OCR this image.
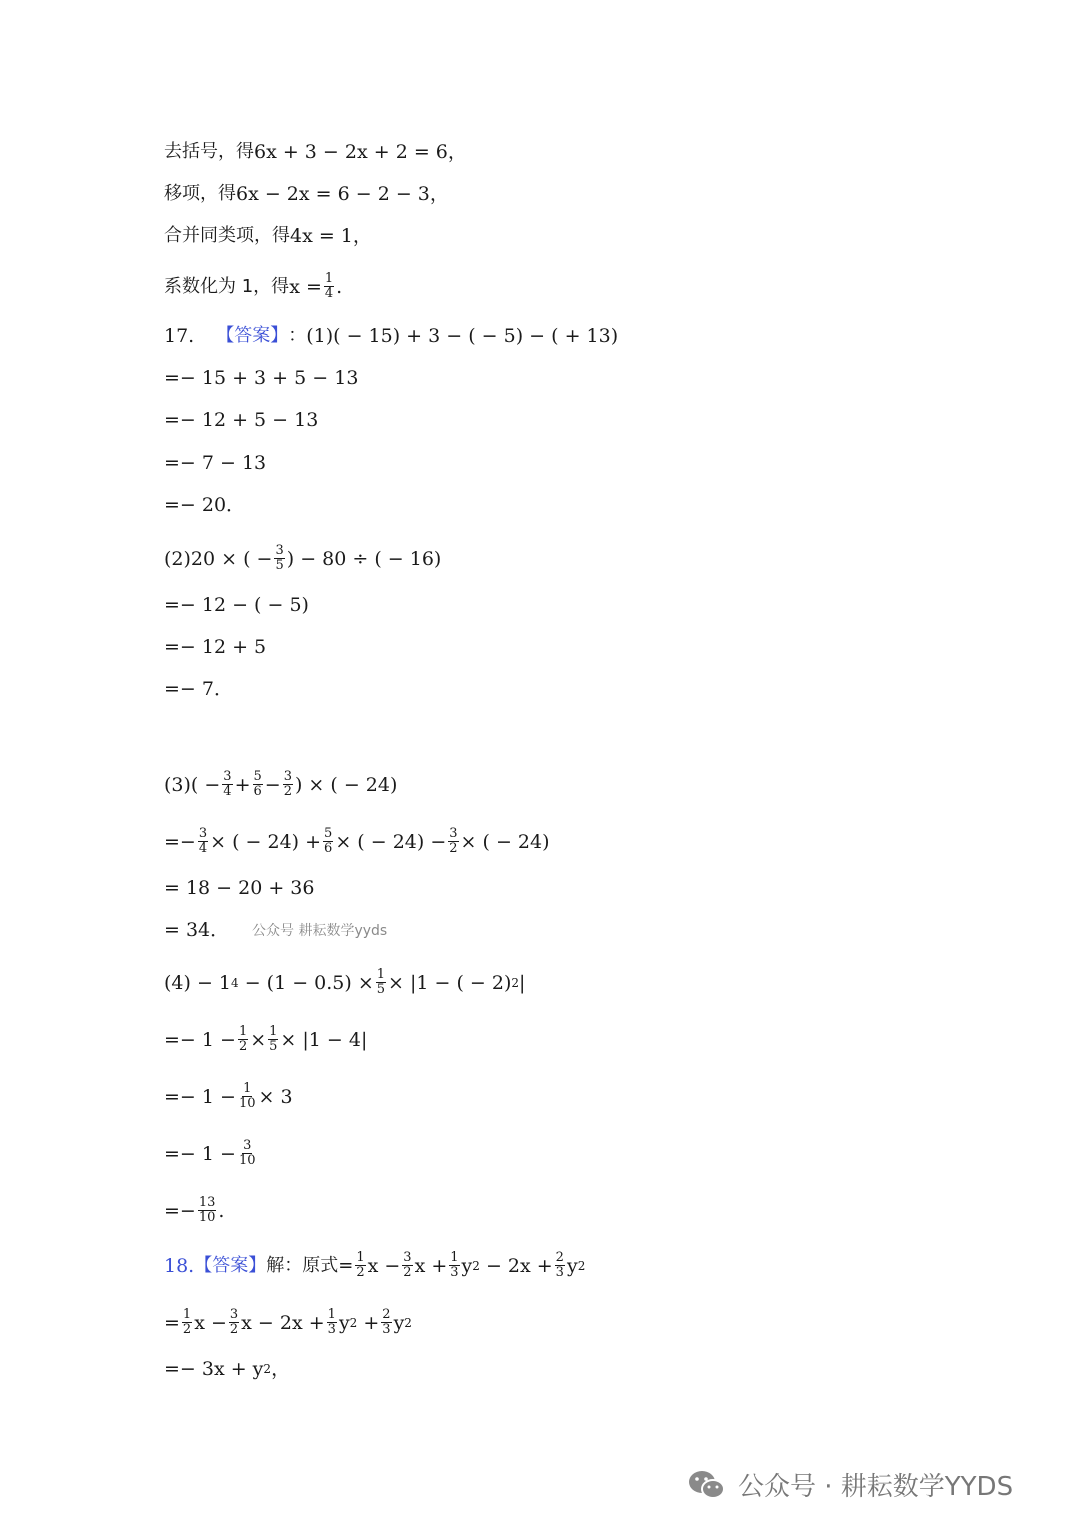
去括号，得 6x + 3 − 2x + 2 = 6，
移项，得 6x − 2x = 6 − 2 − 3，
合并同类项，得 4x = 1，
系数化为 1，得 $x = \frac{1}{4}$ .
17. 【答案】 ： (1)( − 15) + 3 − ( − 5) − ( + 13)
=− 15 + 3 + 5 − 13
=− 12 + 5 − 13
=− 7 − 13
=− 20．
(2)20 × ( − $\frac{3}{5}$ ) − 80 ÷ ( − 16)
=− 12 − ( − 5)
=− 12 + 5
=− 7．
$(3)( - \frac{3}{4} + \frac{5}{6} - \frac{3}{2}$ ) × ( − 24)
=− $\frac{3}{4}$ × ( − $24) + \frac{5}{6}$ × ( − $24) - \frac{3}{2}$ × ( − 24)
= 18 − 20 + 36
= 34． 公众号 耕耘数学yyds
(4) − 1 $4 - (1 - 0.5) \times \frac{1}{5} \times |1$ − ( − 2) 2 |
=− $1 - \frac{1}{2} \times \frac{1}{5} \times |1 - 4|$
=− $1 - \frac{1}{10} \times 3$
=− $1 - \frac{3}{10}$
=− $\frac{13}{10}$ .
18. 【答案】 解：原式= $\frac{1}{2}$ $x - \frac{3}{2}$ $x + \frac{1}{3}$ y $2 - 2x + \frac{2}{3}$ y 2
= $\frac{1}{2}$ $x - \frac{3}{2}$ $x - 2x + \frac{1}{3}$ y $2 + \frac{2}{3}$ y 2
=− 3x + y 2 ，
公众号 · 耕耘数学YYDS
